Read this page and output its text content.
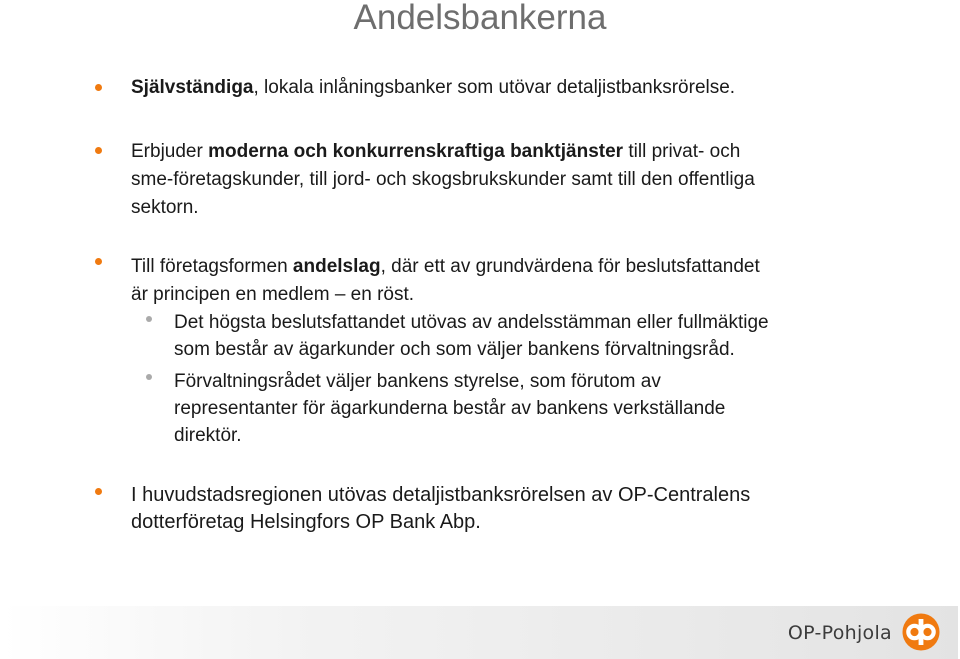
Andelsbankerna
Självständiga, lokala inlåningsbanker som utövar detaljistbanksrörelse.
Erbjuder moderna och konkurrenskraftiga banktjänster till privat- och
sme-företagskunder, till jord- och skogsbrukskunder samt till den offentliga
sektorn.
Till företagsformen andelslag, där ett av grundvärdena för beslutsfattandet
är principen en medlem – en röst.
Det högsta beslutsfattandet utövas av andelsstämman eller fullmäktige
som består av ägarkunder och som väljer bankens förvaltningsråd.
Förvaltningsrådet väljer bankens styrelse, som förutom av
representanter för ägarkunderna består av bankens verkställande
direktör.
I huvudstadsregionen utövas detaljistbanksrörelsen av OP-Centralens
dotterföretag Helsingfors OP Bank Abp.
OP-Pohjola
